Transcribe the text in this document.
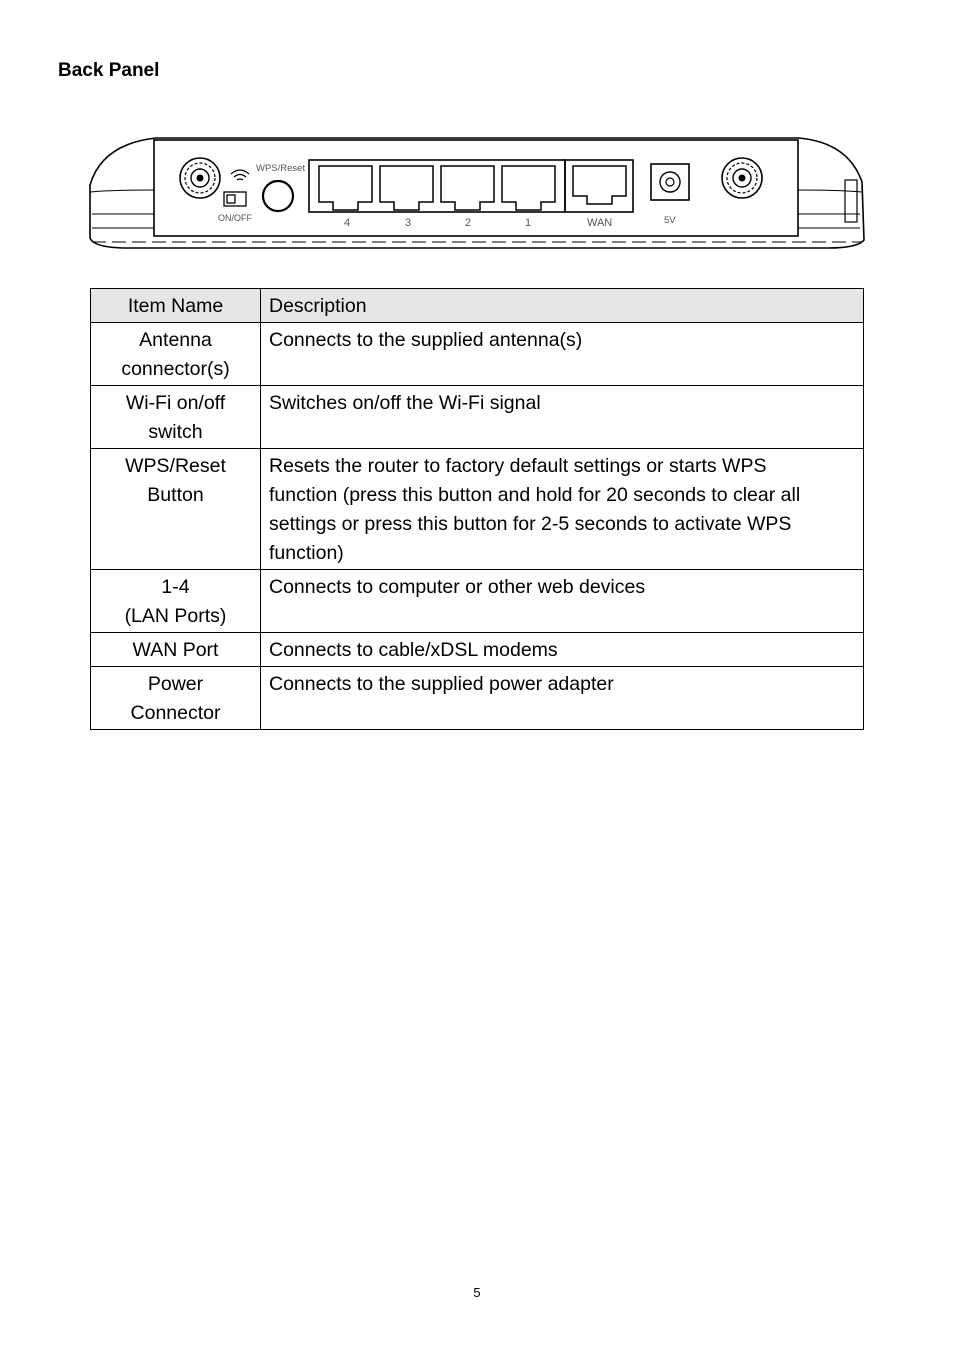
Back Panel
ON/OFF
WPS/Reset
4	3	2	1	WAN	5V
Item Name	Description

Antenna
connector(s)	Connects to the supplied antenna(s)

Wi-Fi on/off
switch	Switches on/off the Wi-Fi signal

WPS/Reset
Button	Resets the router to factory default settings or starts WPS
function (press this button and hold for 20 seconds to clear all
settings or press this button for 2-5 seconds to activate WPS
function)

1-4
(LAN Ports)	Connects to computer or other web devices

WAN Port	Connects to cable/xDSL modems

Power
Connector	Connects to the supplied power adapter
5
